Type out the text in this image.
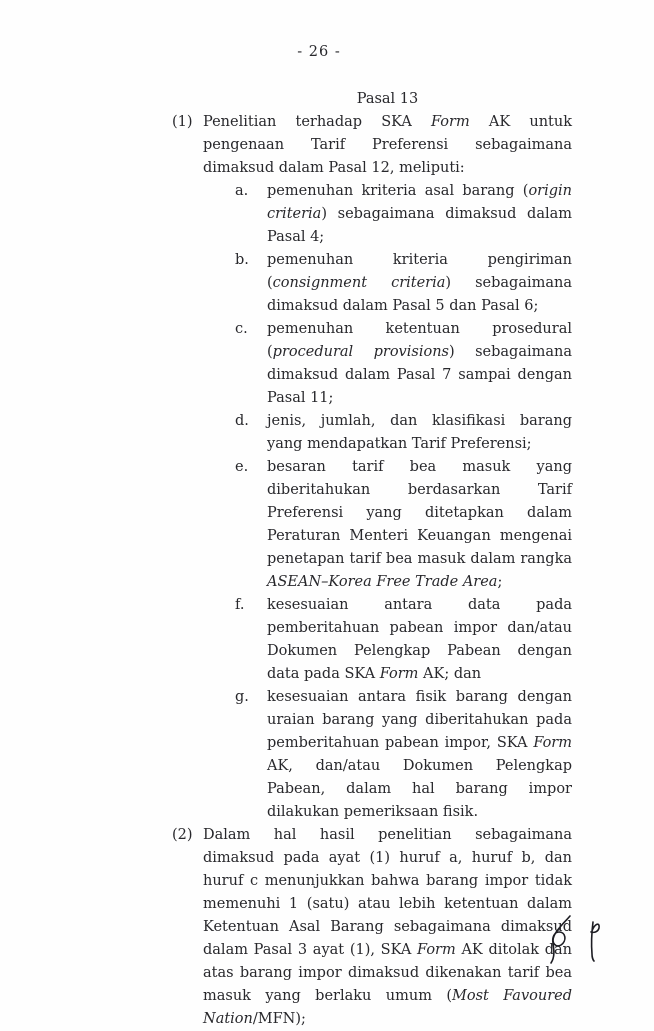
- 26 -
Pasal 13
(1) Penelitian terhadap SKA Form AK untuk pengenaan Tarif Preferensi sebagaimana dimaksud dalam Pasal 12, meliputi:

a.	pemenuhan kriteria asal barang (origin criteria) sebagaimana dimaksud dalam Pasal 4;

b.	pemenuhan kriteria pengiriman (consignment criteria) sebagaimana dimaksud dalam Pasal 5 dan Pasal 6;

c.	pemenuhan ketentuan prosedural (procedural provisions) sebagaimana dimaksud dalam Pasal 7 sampai dengan Pasal 11;

d.	jenis, jumlah, dan klasifikasi barang yang mendapatkan Tarif Preferensi;

e.	besaran tarif bea masuk yang diberitahukan berdasarkan Tarif Preferensi yang ditetapkan dalam Peraturan Menteri Keuangan mengenai penetapan tarif bea masuk dalam rangka ASEAN–Korea Free Trade Area;

f.	kesesuaian antara data pada pemberitahuan pabean impor dan/atau Dokumen Pelengkap Pabean dengan data pada SKA Form AK; dan

g.	kesesuaian antara fisik barang dengan uraian barang yang diberitahukan pada pemberitahuan pabean impor, SKA Form AK, dan/atau Dokumen Pelengkap Pabean, dalam hal barang impor dilakukan pemeriksaan fisik.

(2) Dalam hal hasil penelitian sebagaimana dimaksud pada ayat (1) huruf a, huruf b, dan huruf c menunjukkan bahwa barang impor tidak memenuhi 1 (satu) atau lebih ketentuan dalam Ketentuan Asal Barang sebagaimana dimaksud dalam Pasal 3 ayat (1), SKA Form AK ditolak dan atas barang impor dimaksud dikenakan tarif bea masuk yang berlaku umum (Most Favoured Nation/MFN);
